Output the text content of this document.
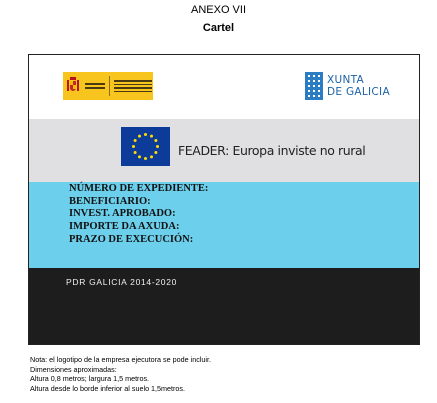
ANEXO VII
Cartel
XUNTA
DE GALICIA
FEADER: Europa inviste no rural
NÚMERO DE EXPEDIENTE:
BENEFICIARIO:
INVEST. APROBADO:
IMPORTE DA AXUDA:
PRAZO DE EXECUCIÓN:
PDR GALICIA 2014-2020
Nota: el logotipo de la empresa ejecutora se pode incluir.
Dimensiones aproximadas:
Altura 0,8 metros; largura 1,5 metros.
Altura desde lo borde inferior al suelo 1,5metros.
